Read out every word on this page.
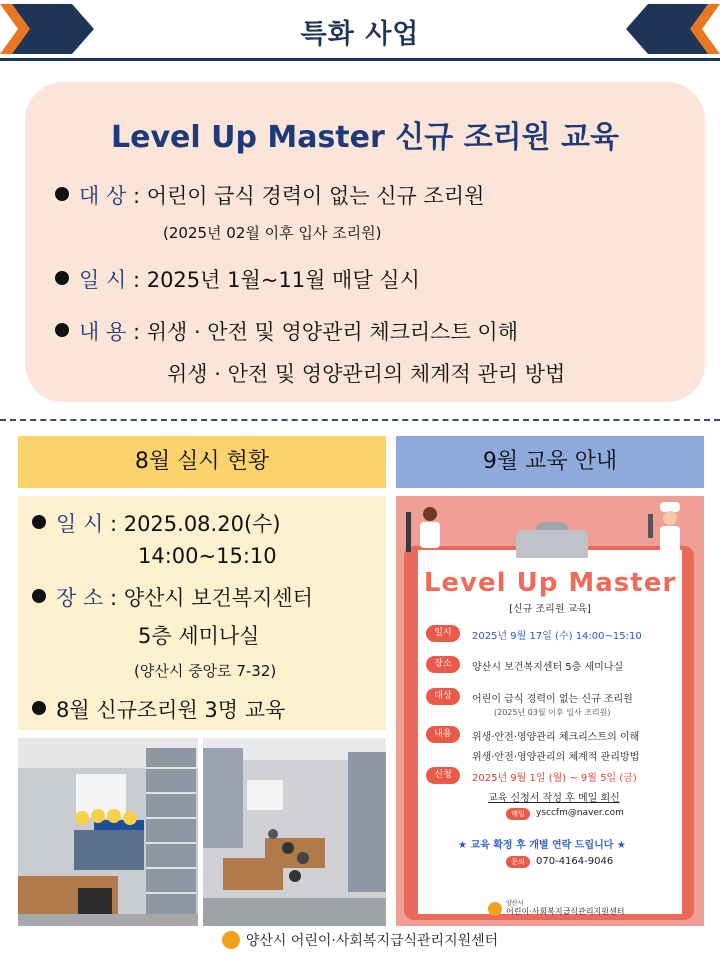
특화 사업
Level Up Master 신규 조리원 교육
대 상 : 어린이 급식 경력이 없는 신규 조리원
(2025년 02월 이후 입사 조리원)
일 시 : 2025년 1월~11월 매달 실시
내 용 : 위생 · 안전 및 영양관리 체크리스트 이해
위생 · 안전 및 영양관리의 체계적 관리 방법
8월 실시 현황
일 시 : 2025.08.20(수)
14:00~15:10
장 소 : 양산시 보건복지센터
5층 세미나실
(양산시 중앙로 7-32)
8월 신규조리원 3명 교육
9월 교육 안내
Level Up Master
[신규 조리원 교육]
일시	2025년 9월 17일 (수) 14:00~15:10
장소	양산시 보건복지센터 5층 세미나실
대상	어린이 급식 경력이 없는 신규 조리원
(2025년 03월 이후 입사 조리원)
내용	위생·안전·영양관리 체크리스트의 이해
위생·안전·영양관리의 체계적 관리방법
신청	2025년 9월 1일 (월) ~ 9월 5일 (금)
교육 신청서 작성 후 메일 회신
메일	ysccfm@naver.com
★ 교육 확정 후 개별 연락 드립니다 ★
문의	070-4164-9046
양산시
어린이·사회복지급식관리지원센터
양산시 어린이·사회복지급식관리지원센터
